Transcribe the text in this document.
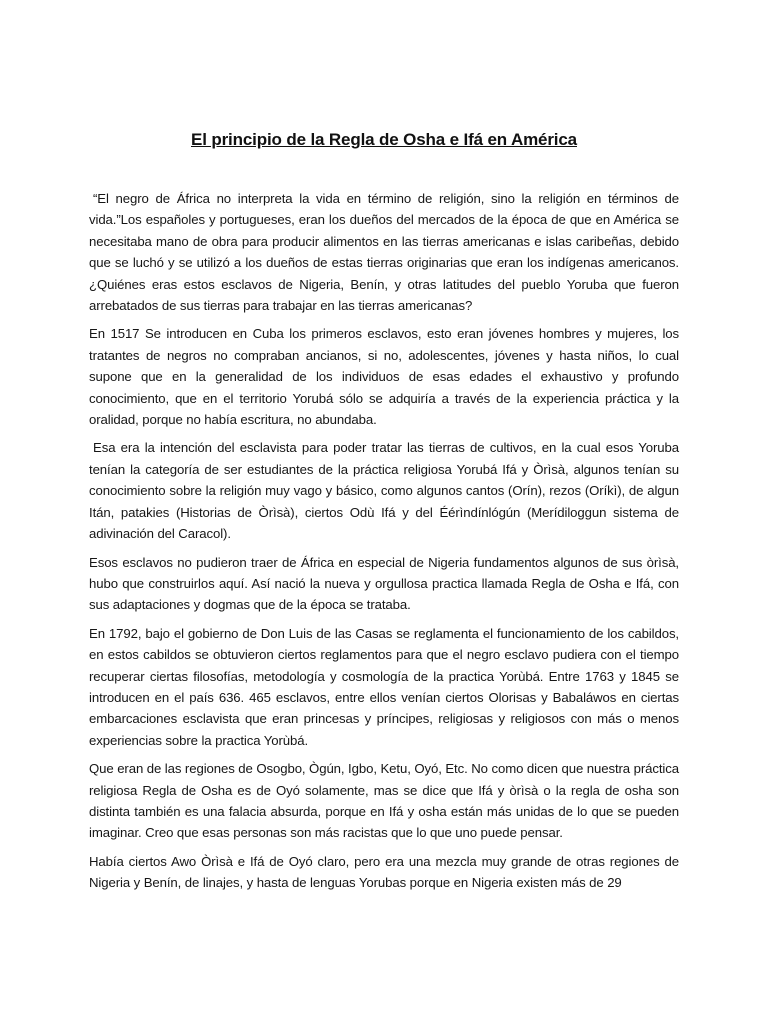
El principio de la Regla de Osha e Ifá en América

“El negro de África no interpreta la vida en término de religión, sino la religión en términos de vida.”Los españoles y portugueses, eran los dueños del mercados de la época de que en América se necesitaba mano de obra para producir alimentos en las tierras americanas e islas caribeñas, debido que se luchó y se utilizó a los dueños de estas tierras originarias que eran los indígenas americanos. ¿Quiénes eras estos esclavos de Nigeria, Benín, y otras latitudes del pueblo Yoruba que fueron arrebatados de sus tierras para trabajar en las tierras americanas?

En 1517 Se introducen en Cuba los primeros esclavos, esto eran jóvenes hombres y mujeres, los tratantes de negros no compraban ancianos, si no, adolescentes, jóvenes y hasta niños, lo cual supone que en la generalidad de los individuos de esas edades el exhaustivo y profundo conocimiento, que en el territorio Yorubá sólo se adquiría a través de la experiencia práctica y la oralidad, porque no había escritura, no abundaba.

Esa era la intención del esclavista para poder tratar las tierras de cultivos, en la cual esos Yoruba tenían la categoría de ser estudiantes de la práctica religiosa Yorubá Ifá y Òrìsà, algunos tenían su conocimiento sobre la religión muy vago y básico, como algunos cantos (Orín), rezos (Oríkì), de algun Itán, patakies (Historias de Òrìsà), ciertos Odù Ifá y del Éérìndínlógún (Merídiloggun sistema de adivinación del Caracol).

Esos esclavos no pudieron traer de África en especial de Nigeria fundamentos algunos de sus òrìsà, hubo que construirlos aquí. Así nació la nueva y orgullosa practica llamada Regla de Osha e Ifá, con sus adaptaciones y dogmas que de la época se trataba.

En 1792, bajo el gobierno de Don Luis de las Casas se reglamenta el funcionamiento de los cabildos, en estos cabildos se obtuvieron ciertos reglamentos para que el negro esclavo pudiera con el tiempo recuperar ciertas filosofías, metodología y cosmología de la practica Yorùbá. Entre 1763 y 1845 se introducen en el país 636. 465 esclavos, entre ellos venían ciertos Olorisas y Babaláwos en ciertas embarcaciones esclavista que eran princesas y príncipes, religiosas y religiosos con más o menos experiencias sobre la practica Yorùbá.

Que eran de las regiones de Osogbo, Ògún, Igbo, Ketu, Oyó, Etc. No como dicen que nuestra práctica religiosa Regla de Osha es de Oyó solamente, mas se dice que Ifá y òrìsà o la regla de osha son distinta también es una falacia absurda, porque en Ifá y osha están más unidas de lo que se pueden imaginar. Creo que esas personas son más racistas que lo que uno puede pensar.

Había ciertos Awo Òrìsà e Ifá de Oyó claro, pero era una mezcla muy grande de otras regiones de Nigeria y Benín, de linajes, y hasta de lenguas Yorubas porque en Nigeria existen más de 29
